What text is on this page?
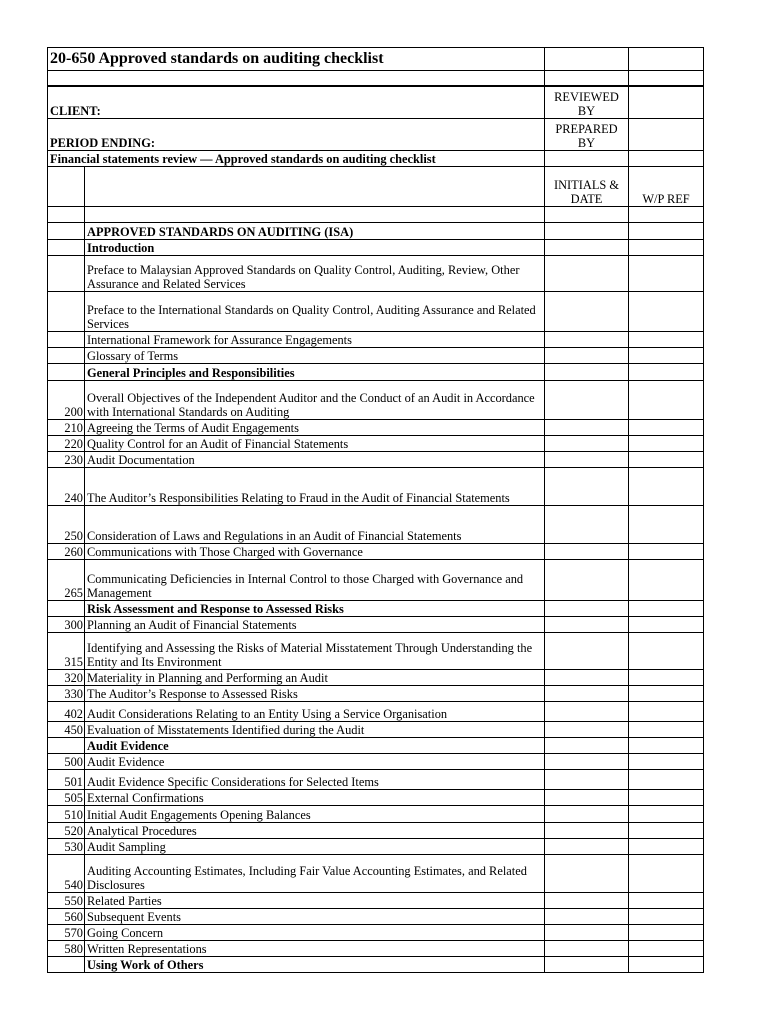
20-650 Approved standards on auditing checklist			

CLIENT:		REVIEWED BY	
PERIOD ENDING:		PREPARED BY	
Financial statements review — Approved standards on auditing checklist			
		INITIALS & DATE	W/P REF

	APPROVED STANDARDS ON AUDITING (ISA)		
	Introduction		
	Preface to Malaysian Approved Standards on Quality Control, Auditing, Review, Other Assurance and Related Services		
	Preface to the International Standards on Quality Control, Auditing Assurance and Related Services		
	International Framework for Assurance Engagements		
	Glossary of Terms		
	General Principles and Responsibilities		
200	Overall Objectives of the Independent Auditor and the Conduct of an Audit in Accordance with International Standards on Auditing		
210	Agreeing the Terms of Audit Engagements		
220	Quality Control for an Audit of Financial Statements		
230	Audit Documentation		
240	The Auditor’s Responsibilities Relating to Fraud in the Audit of Financial Statements		
250	Consideration of Laws and Regulations in an Audit of Financial Statements		
260	Communications with Those Charged with Governance		
265	Communicating Deficiencies in Internal Control to those Charged with Governance and Management		
	Risk Assessment and Response to Assessed Risks		
300	Planning an Audit of Financial Statements		
315	Identifying and Assessing the Risks of Material Misstatement Through Understanding the Entity and Its Environment		
320	Materiality in Planning and Performing an Audit		
330	The Auditor’s Response to Assessed Risks		
402	Audit Considerations Relating to an Entity Using a Service Organisation		
450	Evaluation of Misstatements Identified during the Audit		
	Audit Evidence		
500	Audit Evidence		
501	Audit Evidence Specific Considerations for Selected Items		
505	External Confirmations		
510	Initial Audit Engagements Opening Balances		
520	Analytical Procedures		
530	Audit Sampling		
540	Auditing Accounting Estimates, Including Fair Value Accounting Estimates, and Related Disclosures		
550	Related Parties		
560	Subsequent Events		
570	Going Concern		
580	Written Representations		
	Using Work of Others		
